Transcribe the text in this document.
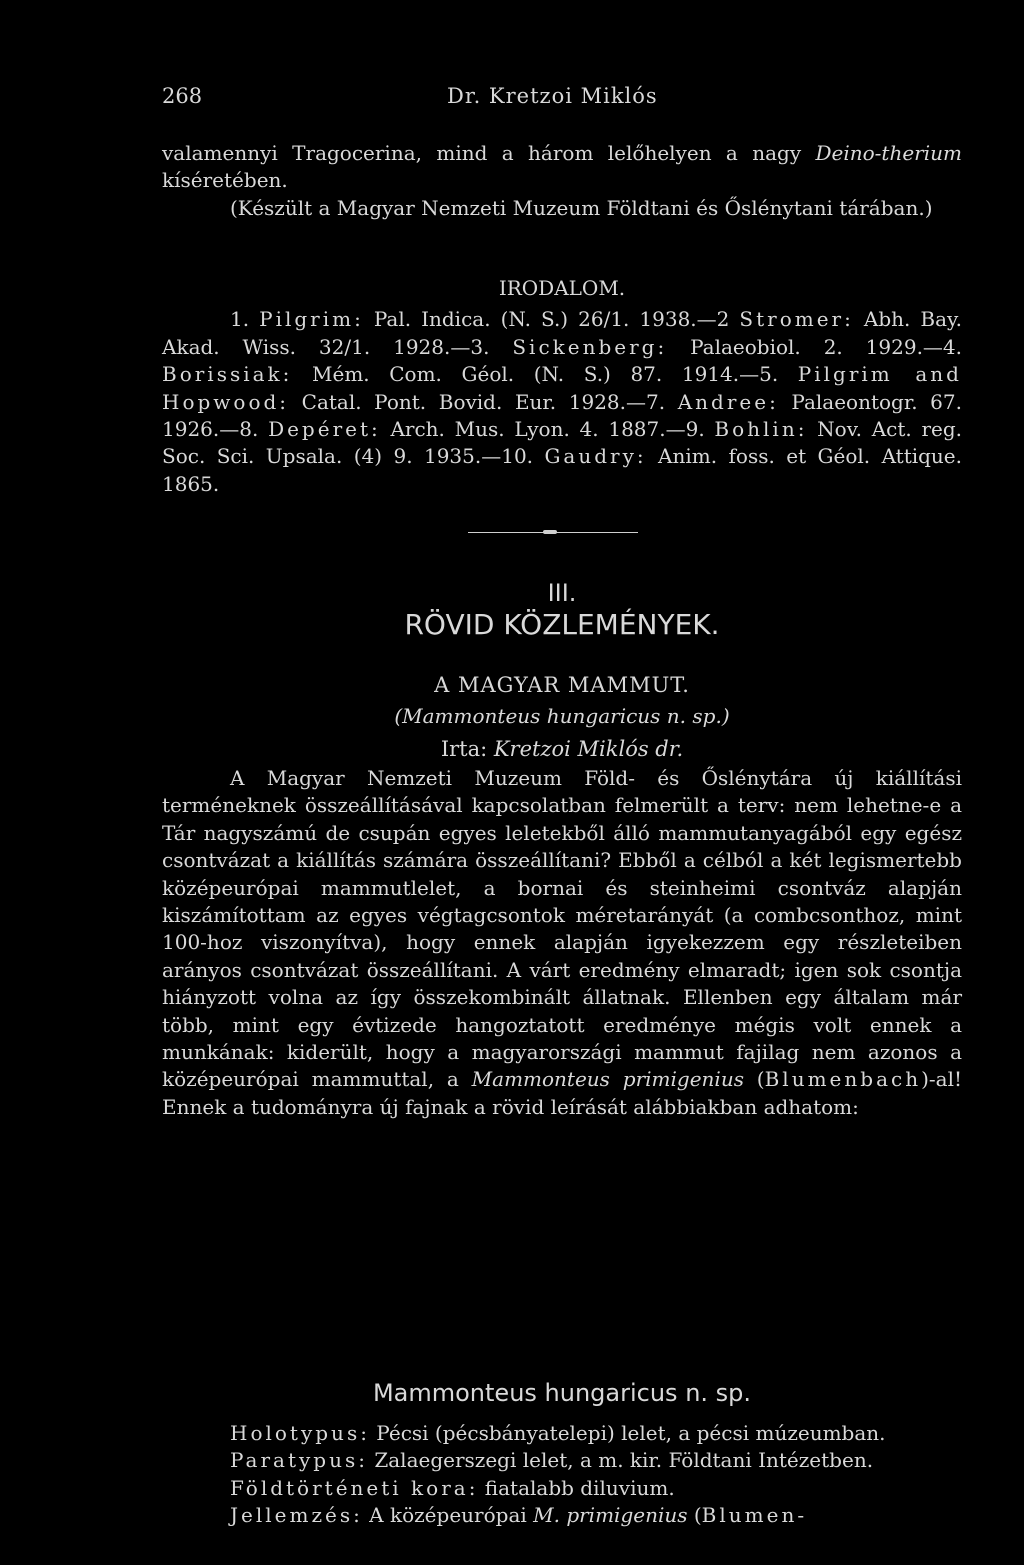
268	Dr. Kretzoi Miklós

valamennyi Tragocerina, mind a három lelőhelyen a nagy Deino-therium kíséretében.

(Készült a Magyar Nemzeti Muzeum Földtani és Őslénytani tárában.)

IRODALOM.

1. Pilgrim: Pal. Indica. (N. S.) 26/1. 1938.—2 Stromer: Abh. Bay. Akad. Wiss. 32/1. 1928.—3. Sickenberg: Palaeobiol. 2. 1929.—4. Borissiak: Mém. Com. Géol. (N. S.) 87. 1914.—5. Pilgrim and Hopwood: Catal. Pont. Bovid. Eur. 1928.—7. Andree: Palaeontogr. 67. 1926.—8. Depéret: Arch. Mus. Lyon. 4. 1887.—9. Bohlin: Nov. Act. reg. Soc. Sci. Upsala. (4) 9. 1935.—10. Gaudry: Anim. foss. et Géol. Attique. 1865.

III.

RÖVID KÖZLEMÉNYEK.

A MAGYAR MAMMUT.

(Mammonteus hungaricus n. sp.)

Irta: Kretzoi Miklós dr.

A Magyar Nemzeti Muzeum Föld- és Őslénytára új kiállítási terméneknek összeállításával kapcsolatban felmerült a terv: nem lehetne-e a Tár nagyszámú de csupán egyes leletekből álló mammutanyagából egy egész csontvázat a kiállítás számára összeállítani? Ebből a célból a két legismertebb középeurópai mammutlelet, a bornai és steinheimi csontváz alapján kiszámítottam az egyes végtagcsontok méretarányát (a combcsonthoz, mint 100-hoz viszonyítva), hogy ennek alapján igyekezzem egy részleteiben arányos csontvázat összeállítani. A várt eredmény elmaradt; igen sok csontja hiányzott volna az így összekombinált állatnak. Ellenben egy általam már több, mint egy évtizede hangoztatott eredménye mégis volt ennek a munkának: kiderült, hogy a magyarországi mammut fajilag nem azonos a középeurópai mammuttal, a Mammonteus primigenius (Blumenbach)-al! Ennek a tudományra új fajnak a rövid leírását alábbiakban adhatom:

Mammonteus hungaricus n. sp.

Holotypus: Pécsi (pécsbányatelepi) lelet, a pécsi múzeumban.

Paratypus: Zalaegerszegi lelet, a m. kir. Földtani Intézetben.

Földtörténeti kora: fiatalabb diluvium.

Jellemzés: A középeurópai M. primigenius (Blumen-
